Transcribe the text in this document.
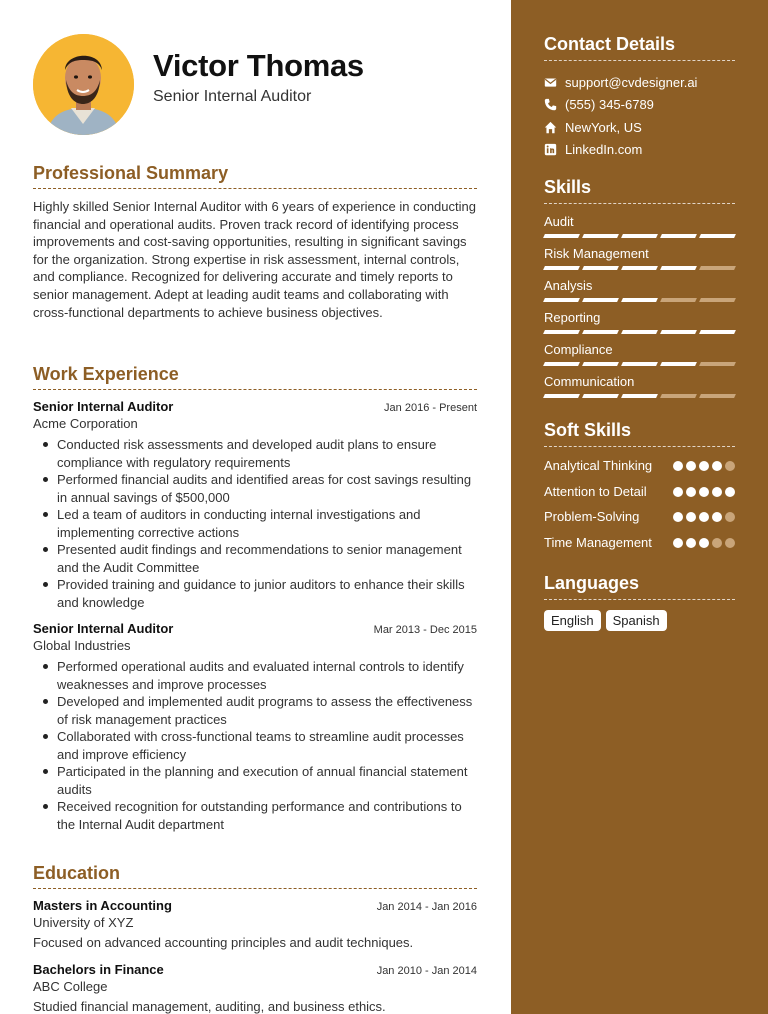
Victor Thomas
Senior Internal Auditor
Professional Summary
Highly skilled Senior Internal Auditor with 6 years of experience in conducting financial and operational audits. Proven track record of identifying process improvements and cost-saving opportunities, resulting in significant savings for the organization. Strong expertise in risk assessment, internal controls, and compliance. Recognized for delivering accurate and timely reports to senior management. Adept at leading audit teams and collaborating with cross-functional departments to achieve business objectives.
Work Experience
Senior Internal Auditor	Jan 2016 - Present
Acme Corporation
Conducted risk assessments and developed audit plans to ensure compliance with regulatory requirements
Performed financial audits and identified areas for cost savings resulting in annual savings of $500,000
Led a team of auditors in conducting internal investigations and implementing corrective actions
Presented audit findings and recommendations to senior management and the Audit Committee
Provided training and guidance to junior auditors to enhance their skills and knowledge
Senior Internal Auditor	Mar 2013 - Dec 2015
Global Industries
Performed operational audits and evaluated internal controls to identify weaknesses and improve processes
Developed and implemented audit programs to assess the effectiveness of risk management practices
Collaborated with cross-functional teams to streamline audit processes and improve efficiency
Participated in the planning and execution of annual financial statement audits
Received recognition for outstanding performance and contributions to the Internal Audit department
Education
Masters in Accounting	Jan 2014 - Jan 2016
University of XYZ
Focused on advanced accounting principles and audit techniques.
Bachelors in Finance	Jan 2010 - Jan 2014
ABC College
Studied financial management, auditing, and business ethics.
Contact Details
support@cvdesigner.ai
(555) 345-6789
NewYork, US
LinkedIn.com
Skills
Audit
Risk Management
Analysis
Reporting
Compliance
Communication
Soft Skills
Analytical Thinking
Attention to Detail
Problem-Solving
Time Management
Languages
English	Spanish
